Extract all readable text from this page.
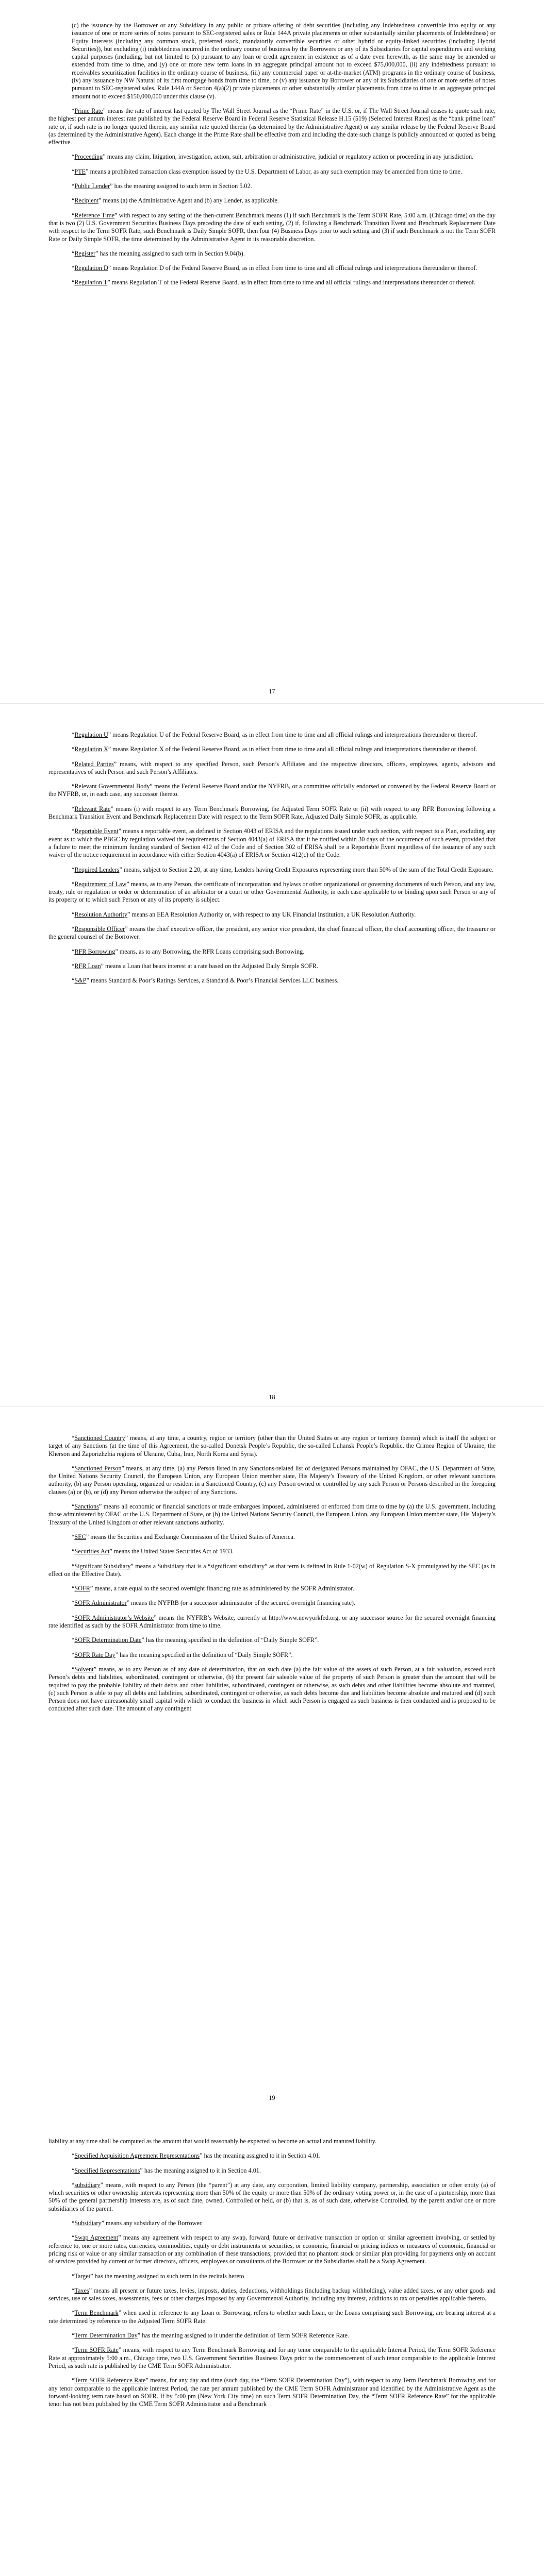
(c) the issuance by the Borrower or any Subsidiary in any public or private offering of debt securities (including any Indebtedness convertible into equity or any issuance of one or more series of notes pursuant to SEC-registered sales or Rule 144A private placements or other substantially similar placements of Indebtedness) or Equity Interests (including any common stock, preferred stock, mandatorily convertible securities or other hybrid or equity-linked securities (including Hybrid Securities)), but excluding (i) indebtedness incurred in the ordinary course of business by the Borrowers or any of its Subsidiaries for capital expenditures and working capital purposes (including, but not limited to (x) pursuant to any loan or credit agreement in existence as of a date even herewith, as the same may be amended or extended from time to time, and (y) one or more new term loans in an aggregate principal amount not to exceed $75,000,000, (ii) any indebtedness pursuant to receivables securitization facilities in the ordinary course of business, (iii) any commercial paper or at-the-market (ATM) programs in the ordinary course of business, (iv) any issuance by NW Natural of its first mortgage bonds from time to time, or (v) any issuance by Borrower or any of its Subsidiaries of one or more series of notes pursuant to SEC-registered sales, Rule 144A or Section 4(a)(2) private placements or other substantially similar placements from time to time in an aggregate principal amount not to exceed $150,000,000 under this clause (v).

“Prime Rate” means the rate of interest last quoted by The Wall Street Journal as the “Prime Rate” in the U.S. or, if The Wall Street Journal ceases to quote such rate, the highest per annum interest rate published by the Federal Reserve Board in Federal Reserve Statistical Release H.15 (519) (Selected Interest Rates) as the “bank prime loan” rate or, if such rate is no longer quoted therein, any similar rate quoted therein (as determined by the Administrative Agent) or any similar release by the Federal Reserve Board (as determined by the Administrative Agent). Each change in the Prime Rate shall be effective from and including the date such change is publicly announced or quoted as being effective.

“Proceeding” means any claim, litigation, investigation, action, suit, arbitration or administrative, judicial or regulatory action or proceeding in any jurisdiction.

“PTE” means a prohibited transaction class exemption issued by the U.S. Department of Labor, as any such exemption may be amended from time to time.

“Public Lender” has the meaning assigned to such term in Section 5.02.

“Recipient” means (a) the Administrative Agent and (b) any Lender, as applicable.

“Reference Time” with respect to any setting of the then-current Benchmark means (1) if such Benchmark is the Term SOFR Rate, 5:00 a.m. (Chicago time) on the day that is two (2) U.S. Government Securities Business Days preceding the date of such setting, (2) if, following a Benchmark Transition Event and Benchmark Replacement Date with respect to the Term SOFR Rate, such Benchmark is Daily Simple SOFR, then four (4) Business Days prior to such setting and (3) if such Benchmark is not the Term SOFR Rate or Daily Simple SOFR, the time determined by the Administrative Agent in its reasonable discretion.

“Register” has the meaning assigned to such term in Section 9.04(b).

“Regulation D” means Regulation D of the Federal Reserve Board, as in effect from time to time and all official rulings and interpretations thereunder or thereof.

“Regulation T” means Regulation T of the Federal Reserve Board, as in effect from time to time and all official rulings and interpretations thereunder or thereof.

17

“Regulation U” means Regulation U of the Federal Reserve Board, as in effect from time to time and all official rulings and interpretations thereunder or thereof.

“Regulation X” means Regulation X of the Federal Reserve Board, as in effect from time to time and all official rulings and interpretations thereunder or thereof.

“Related Parties” means, with respect to any specified Person, such Person’s Affiliates and the respective directors, officers, employees, agents, advisors and representatives of such Person and such Person’s Affiliates.

“Relevant Governmental Body” means the Federal Reserve Board and/or the NYFRB, or a committee officially endorsed or convened by the Federal Reserve Board or the NYFRB, or, in each case, any successor thereto.

“Relevant Rate” means (i) with respect to any Term Benchmark Borrowing, the Adjusted Term SOFR Rate or (ii) with respect to any RFR Borrowing following a Benchmark Transition Event and Benchmark Replacement Date with respect to the Term SOFR Rate, Adjusted Daily Simple SOFR, as applicable.

“Reportable Event” means a reportable event, as defined in Section 4043 of ERISA and the regulations issued under such section, with respect to a Plan, excluding any event as to which the PBGC by regulation waived the requirements of Section 4043(a) of ERISA that it be notified within 30 days of the occurrence of such event, provided that a failure to meet the minimum funding standard of Section 412 of the Code and of Section 302 of ERISA shall be a Reportable Event regardless of the issuance of any such waiver of the notice requirement in accordance with either Section 4043(a) of ERISA or Section 412(c) of the Code.

“Required Lenders” means, subject to Section 2.20, at any time, Lenders having Credit Exposures representing more than 50% of the sum of the Total Credit Exposure.

“Requirement of Law” means, as to any Person, the certificate of incorporation and bylaws or other organizational or governing documents of such Person, and any law, treaty, rule or regulation or order or determination of an arbitrator or a court or other Governmental Authority, in each case applicable to or binding upon such Person or any of its property or to which such Person or any of its property is subject.

“Resolution Authority” means an EEA Resolution Authority or, with respect to any UK Financial Institution, a UK Resolution Authority.

“Responsible Officer” means the chief executive officer, the president, any senior vice president, the chief financial officer, the chief accounting officer, the treasurer or the general counsel of the Borrower.

“RFR Borrowing” means, as to any Borrowing, the RFR Loans comprising such Borrowing.

“RFR Loan” means a Loan that bears interest at a rate based on the Adjusted Daily Simple SOFR.

“S&P” means Standard & Poor’s Ratings Services, a Standard & Poor’s Financial Services LLC business.

18

“Sanctioned Country” means, at any time, a country, region or territory (other than the United States or any region or territory therein) which is itself the subject or target of any Sanctions (at the time of this Agreement, the so-called Donetsk People’s Republic, the so-called Luhansk People’s Republic, the Crimea Region of Ukraine, the Kherson and Zaporizhzhia regions of Ukraine, Cuba, Iran, North Korea and Syria).

“Sanctioned Person” means, at any time, (a) any Person listed in any Sanctions-related list of designated Persons maintained by OFAC, the U.S. Department of State, the United Nations Security Council, the European Union, any European Union member state, His Majesty’s Treasury of the United Kingdom, or other relevant sanctions authority, (b) any Person operating, organized or resident in a Sanctioned Country, (c) any Person owned or controlled by any such Person or Persons described in the foregoing clauses (a) or (b), or (d) any Person otherwise the subject of any Sanctions.

“Sanctions” means all economic or financial sanctions or trade embargoes imposed, administered or enforced from time to time by (a) the U.S. government, including those administered by OFAC or the U.S. Department of State, or (b) the United Nations Security Council, the European Union, any European Union member state, His Majesty’s Treasury of the United Kingdom or other relevant sanctions authority.

“SEC” means the Securities and Exchange Commission of the United States of America.

“Securities Act” means the United States Securities Act of 1933.

“Significant Subsidiary” means a Subsidiary that is a “significant subsidiary” as that term is defined in Rule 1-02(w) of Regulation S-X promulgated by the SEC (as in effect on the Effective Date).

“SOFR” means, a rate equal to the secured overnight financing rate as administered by the SOFR Administrator.

“SOFR Administrator” means the NYFRB (or a successor administrator of the secured overnight financing rate).

“SOFR Administrator’s Website” means the NYFRB’s Website, currently at http://www.newyorkfed.org, or any successor source for the secured overnight financing rate identified as such by the SOFR Administrator from time to time.

“SOFR Determination Date” has the meaning specified in the definition of “Daily Simple SOFR”.

“SOFR Rate Day” has the meaning specified in the definition of “Daily Simple SOFR”.

“Solvent” means, as to any Person as of any date of determination, that on such date (a) the fair value of the assets of such Person, at a fair valuation, exceed such Person’s debts and liabilities, subordinated, contingent or otherwise, (b) the present fair saleable value of the property of such Person is greater than the amount that will be required to pay the probable liability of their debts and other liabilities, subordinated, contingent or otherwise, as such debts and other liabilities become absolute and matured, (c) such Person is able to pay all debts and liabilities, subordinated, contingent or otherwise, as such debts become due and liabilities become absolute and matured and (d) such Person does not have unreasonably small capital with which to conduct the business in which such Person is engaged as such business is then conducted and is proposed to be conducted after such date. The amount of any contingent

19

liability at any time shall be computed as the amount that would reasonably be expected to become an actual and matured liability.

“Specified Acquisition Agreement Representations” has the meaning assigned to it in Section 4.01.

“Specified Representations” has the meaning assigned to it in Section 4.01.

“subsidiary” means, with respect to any Person (the “parent”) at any date, any corporation, limited liability company, partnership, association or other entity (a) of which securities or other ownership interests representing more than 50% of the equity or more than 50% of the ordinary voting power or, in the case of a partnership, more than 50% of the general partnership interests are, as of such date, owned, Controlled or held, or (b) that is, as of such date, otherwise Controlled, by the parent and/or one or more subsidiaries of the parent.

“Subsidiary” means any subsidiary of the Borrower.

“Swap Agreement” means any agreement with respect to any swap, forward, future or derivative transaction or option or similar agreement involving, or settled by reference to, one or more rates, currencies, commodities, equity or debt instruments or securities, or economic, financial or pricing indices or measures of economic, financial or pricing risk or value or any similar transaction or any combination of these transactions; provided that no phantom stock or similar plan providing for payments only on account of services provided by current or former directors, officers, employees or consultants of the Borrower or the Subsidiaries shall be a Swap Agreement.

“Target” has the meaning assigned to such term in the recitals hereto

“Taxes” means all present or future taxes, levies, imposts, duties, deductions, withholdings (including backup withholding), value added taxes, or any other goods and services, use or sales taxes, assessments, fees or other charges imposed by any Governmental Authority, including any interest, additions to tax or penalties applicable thereto.

“Term Benchmark” when used in reference to any Loan or Borrowing, refers to whether such Loan, or the Loans comprising such Borrowing, are bearing interest at a rate determined by reference to the Adjusted Term SOFR Rate.

“Term Determination Day” has the meaning assigned to it under the definition of Term SOFR Reference Rate.

“Term SOFR Rate” means, with respect to any Term Benchmark Borrowing and for any tenor comparable to the applicable Interest Period, the Term SOFR Reference Rate at approximately 5:00 a.m., Chicago time, two U.S. Government Securities Business Days prior to the commencement of such tenor comparable to the applicable Interest Period, as such rate is published by the CME Term SOFR Administrator.

“Term SOFR Reference Rate” means, for any day and time (such day, the “Term SOFR Determination Day”), with respect to any Term Benchmark Borrowing and for any tenor comparable to the applicable Interest Period, the rate per annum published by the CME Term SOFR Administrator and identified by the Administrative Agent as the forward-looking term rate based on SOFR. If by 5:00 pm (New York City time) on such Term SOFR Determination Day, the “Term SOFR Reference Rate” for the applicable tenor has not been published by the CME Term SOFR Administrator and a Benchmark
